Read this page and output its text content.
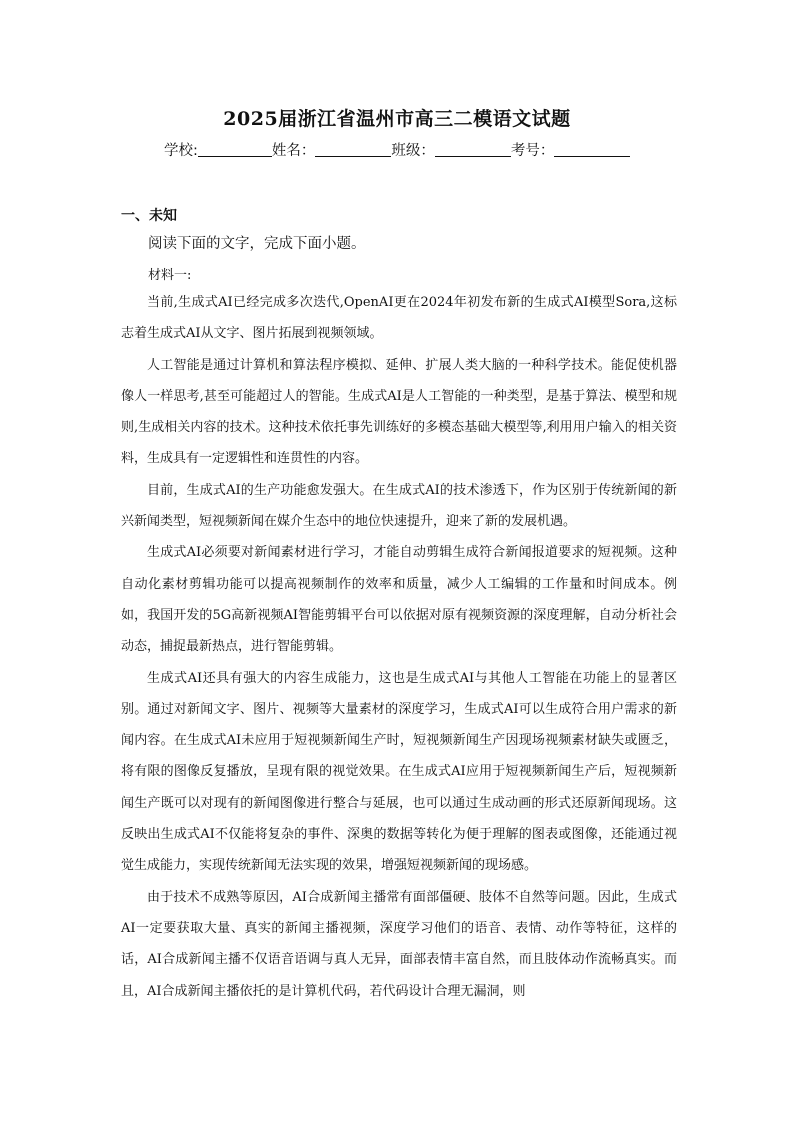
2025届浙江省温州市高三二模语文试题
学校:	姓名：	班级：	考号：
一、未知
阅读下面的文字，完成下面小题。
材料一:

当前,生成式AI已经完成多次迭代,OpenAI更在2024年初发布新的生成式AI模型Sora,这标志着生成式AI从文字、图片拓展到视频领域。

人工智能是通过计算机和算法程序模拟、延伸、扩展人类大脑的一种科学技术。能促使机器像人一样思考,甚至可能超过人的智能。生成式AI是人工智能的一种类型，是基于算法、模型和规则,生成相关内容的技术。这种技术依托事先训练好的多模态基础大模型等,利用用户输入的相关资料，生成具有一定逻辑性和连贯性的内容。

目前，生成式AI的生产功能愈发强大。在生成式AI的技术渗透下，作为区别于传统新闻的新兴新闻类型，短视频新闻在媒介生态中的地位快速提升，迎来了新的发展机遇。

生成式AI必须要对新闻素材进行学习，才能自动剪辑生成符合新闻报道要求的短视频。这种自动化素材剪辑功能可以提高视频制作的效率和质量，减少人工编辑的工作量和时间成本。例如，我国开发的5G高新视频AI智能剪辑平台可以依据对原有视频资源的深度理解，自动分析社会动态，捕捉最新热点，进行智能剪辑。

生成式AI还具有强大的内容生成能力，这也是生成式AI与其他人工智能在功能上的显著区别。通过对新闻文字、图片、视频等大量素材的深度学习，生成式AI可以生成符合用户需求的新闻内容。在生成式AI未应用于短视频新闻生产时，短视频新闻生产因现场视频素材缺失或匮乏，将有限的图像反复播放，呈现有限的视觉效果。在生成式AI应用于短视频新闻生产后，短视频新闻生产既可以对现有的新闻图像进行整合与延展，也可以通过生成动画的形式还原新闻现场。这反映出生成式AI不仅能将复杂的事件、深奥的数据等转化为便于理解的图表或图像，还能通过视觉生成能力，实现传统新闻无法实现的效果，增强短视频新闻的现场感。

由于技术不成熟等原因，AI合成新闻主播常有面部僵硬、肢体不自然等问题。因此，生成式AI一定要获取大量、真实的新闻主播视频，深度学习他们的语音、表情、动作等特征，这样的话，AI合成新闻主播不仅语音语调与真人无异，面部表情丰富自然，而且肢体动作流畅真实。而且，AI合成新闻主播依托的是计算机代码，若代码设计合理无漏洞，则
